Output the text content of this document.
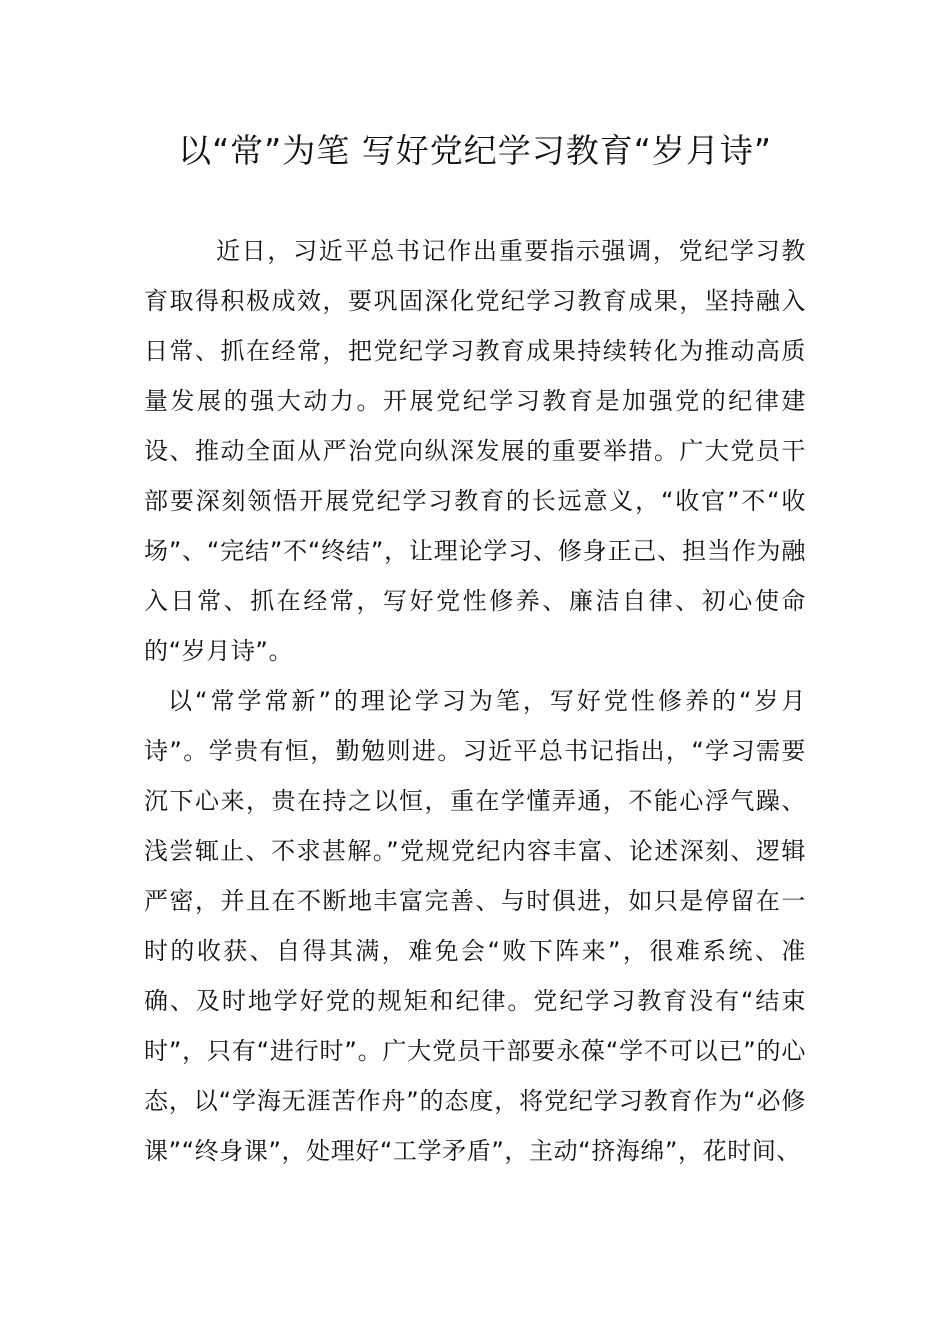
以“常”为笔 写好党纪学习教育“岁月诗”

近日，习近平总书记作出重要指示强调，党纪学习教育取得积极成效，要巩固深化党纪学习教育成果，坚持融入日常、抓在经常，把党纪学习教育成果持续转化为推动高质量发展的强大动力。开展党纪学习教育是加强党的纪律建设、推动全面从严治党向纵深发展的重要举措。广大党员干部要深刻领悟开展党纪学习教育的长远意义，“收官”不“收场”、“完结”不“终结”，让理论学习、修身正己、担当作为融入日常、抓在经常，写好党性修养、廉洁自律、初心使命的“岁月诗”。

以“常学常新”的理论学习为笔，写好党性修养的“岁月诗”。学贵有恒，勤勉则进。习近平总书记指出，“学习需要沉下心来，贵在持之以恒，重在学懂弄通，不能心浮气躁、浅尝辄止、不求甚解。”党规党纪内容丰富、论述深刻、逻辑严密，并且在不断地丰富完善、与时俱进，如只是停留在一时的收获、自得其满，难免会“败下阵来”，很难系统、准确、及时地学好党的规矩和纪律。党纪学习教育没有“结束时”，只有“进行时”。广大党员干部要永葆“学不可以已”的心态，以“学海无涯苦作舟”的态度，将党纪学习教育作为“必修课”“终身课”，处理好“工学矛盾”，主动“挤海绵”，花时间、
